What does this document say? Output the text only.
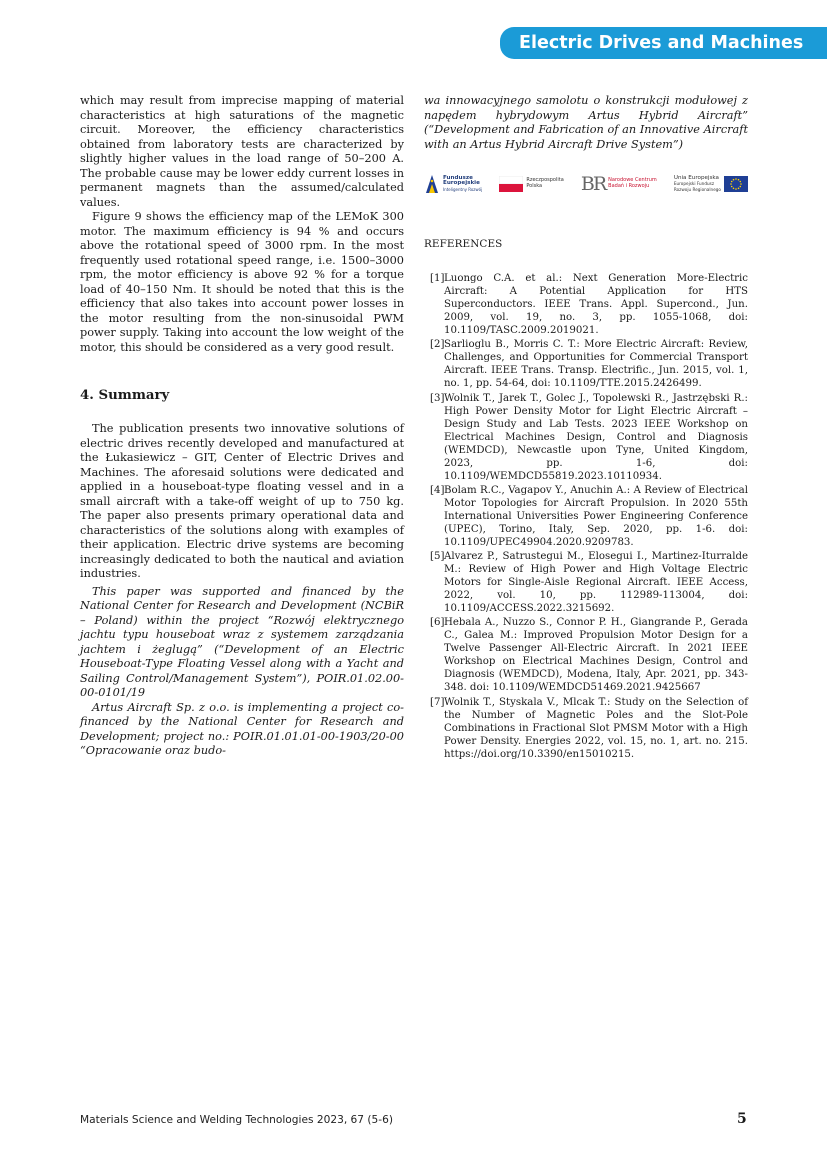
Electric Drives and Machines

which may result from imprecise mapping of material characteristics at high saturations of the magnetic circuit. Moreover, the efficiency characteristics obtained from laboratory tests are characterized by slightly higher values in the load range of 50–200 A. The probable cause may be lower eddy current losses in permanent magnets than the assumed/calculated values.

Figure 9 shows the efficiency map of the LEMoK 300 motor. The maximum efficiency is 94 % and occurs above the rotational speed of 3000 rpm. In the most frequently used rotational speed range, i.e. 1500–3000 rpm, the motor efficiency is above 92 % for a torque load of 40–150 Nm. It should be noted that this is the efficiency that also takes into account power losses in the motor resulting from the non-sinusoidal PWM power supply. Taking into account the low weight of the motor, this should be considered as a very good result.

4. Summary

The publication presents two innovative solutions of electric drives recently developed and manufactured at the Łukasiewicz – GIT, Center of Electric Drives and Machines. The aforesaid solutions were dedicated and applied in a houseboat-type floating vessel and in a small aircraft with a take-off weight of up to 750 kg. The paper also presents primary operational data and characteristics of the solutions along with examples of their application. Electric drive systems are becoming increasingly dedicated to both the nautical and aviation industries.

This paper was supported and financed by the National Center for Research and Development (NCBiR – Poland) within the project “Rozwój elektrycznego jachtu typu houseboat wraz z systemem zarządzania jachtem i żeglugą” (“Development of an Electric Houseboat-Type Floating Vessel along with a Yacht and Sailing Control/Management System”), POIR.01.02.00-00-0101/19

Artus Aircraft Sp. z o.o. is implementing a project co-financed by the National Center for Research and Development; project no.: POIR.01.01.01-00-1903/20-00 “Opracowanie oraz budo-

wa innowacyjnego samolotu o konstrukcji modułowej z napędem hybrydowym Artus Hybrid Aircraft” (“Development and Fabrication of an Innovative Aircraft with an Artus Hybrid Aircraft Drive System”)

Fundusze
Europejskie
Inteligentny Rozwój
Rzeczpospolita
Polska	BR Narodowe Centrum
Badań i Rozwoju
Unia Europejska
Europejski Fundusz
Rozwoju Regionalnego
REFERENCES
[1] Luongo C.A. et al.: Next Generation More-Electric Aircraft: A Potential Application for HTS Superconductors. IEEE Trans. Appl. Supercond., Jun. 2009, vol. 19, no. 3, pp. 1055-1068, doi: 10.1109/TASC.2009.2019021.
[2] Sarlioglu B., Morris C. T.: More Electric Aircraft: Review, Challenges, and Opportunities for Commercial Transport Aircraft. IEEE Trans. Transp. Electrific., Jun. 2015, vol. 1, no. 1, pp. 54-64, doi: 10.1109/TTE.2015.2426499.
[3] Wolnik T., Jarek T., Golec J., Topolewski R., Jastrzębski R.: High Power Density Motor for Light Electric Aircraft – Design Study and Lab Tests. 2023 IEEE Workshop on Electrical Machines Design, Control and Diagnosis (WEMDCD), Newcastle upon Tyne, United Kingdom, 2023, pp. 1-6, doi: 10.1109/WEMDCD55819.2023.10110934.
[4] Bolam R.C., Vagapov Y., Anuchin A.: A Review of Electrical Motor Topologies for Aircraft Propulsion. In 2020 55th International Universities Power Engineering Conference (UPEC), Torino, Italy, Sep. 2020, pp. 1-6. doi: 10.1109/UPEC49904.2020.9209783.
[5] Alvarez P., Satrustegui M., Elosegui I., Martinez-Iturralde M.: Review of High Power and High Voltage Electric Motors for Single-Aisle Regional Aircraft. IEEE Access, 2022, vol. 10, pp. 112989-113004, doi: 10.1109/ACCESS.2022.3215692.
[6] Hebala A., Nuzzo S., Connor P. H., Giangrande P., Gerada C., Galea M.: Improved Propulsion Motor Design for a Twelve Passenger All-Electric Aircraft. In 2021 IEEE Workshop on Electrical Machines Design, Control and Diagnosis (WEMDCD), Modena, Italy, Apr. 2021, pp. 343-348. doi: 10.1109/WEMDCD51469.2021.9425667
[7] Wolnik T., Styskala V., Mlcak T.: Study on the Selection of the Number of Magnetic Poles and the Slot-Pole Combinations in Fractional Slot PMSM Motor with a High Power Density. Energies 2022, vol. 15, no. 1, art. no. 215. https://doi.org/10.3390/en15010215.
Materials Science and Welding Technologies 2023, 67 (5-6)	5
